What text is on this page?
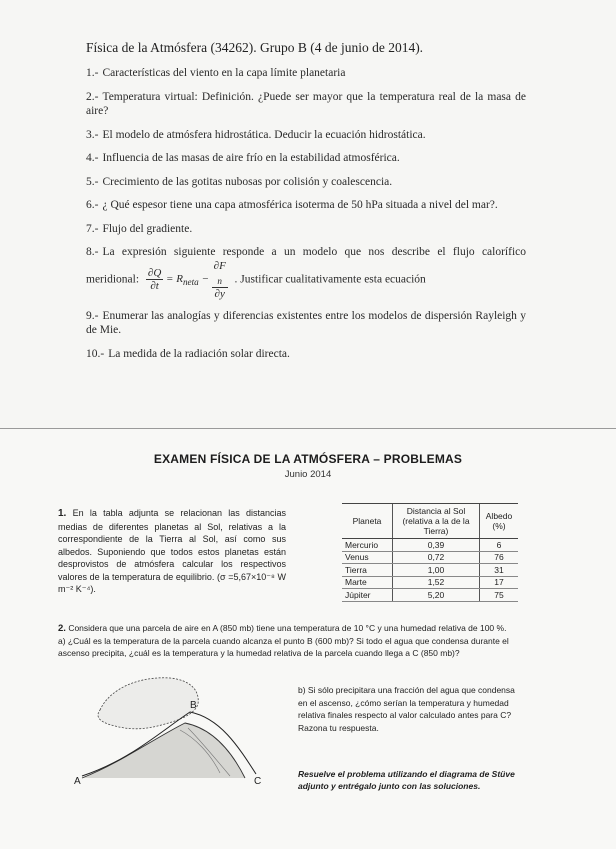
Física de la Atmósfera (34262). Grupo B (4 de junio de 2014).
1.- Características del viento en la capa límite planetaria
2.- Temperatura virtual: Definición. ¿Puede ser mayor que la temperatura real de la masa de aire?
3.- El modelo de atmósfera hidrostática. Deducir la ecuación hidrostática.
4.- Influencia de las masas de aire frío en la estabilidad atmosférica.
5.- Crecimiento de las gotitas nubosas por colisión y coalescencia.
6.- ¿ Qué espesor tiene una capa atmosférica isoterma de 50 hPa situada a nivel del mar?.
7.- Flujo del gradiente.
8.- La expresión siguiente responde a un modelo que nos describe el flujo calorífico meridional: $\frac{\partial Q}{\partial t} = R_{neta} - \partial F$
$_n$
∂y . Justificar cualitativamente esta ecuación
9.- Enumerar las analogías y diferencias existentes entre los modelos de dispersión Rayleigh y de Mie.
10.- La medida de la radiación solar directa.
EXAMEN FÍSICA DE LA ATMÓSFERA – PROBLEMAS
Junio 2014
1. En la tabla adjunta se relacionan las distancias medias de diferentes planetas al Sol, relativas a la correspondiente de la Tierra al Sol, así como sus albedos. Suponiendo que todos estos planetas están desprovistos de atmósfera calcular los respectivos valores de la temperatura de equilibrio. (σ =5,67×10⁻⁸ W m⁻² K⁻⁴).
Planeta	Distancia al Sol (relativa a la de la Tierra)	Albedo (%)
Mercurio	0,39	6
Venus	0,72	76
Tierra	1,00	31
Marte	1,52	17
Júpiter	5,20	75
2. Considera que una parcela de aire en A (850 mb) tiene una temperatura de 10 °C y una humedad relativa de 100 %.
a) ¿Cuál es la temperatura de la parcela cuando alcanza el punto B (600 mb)? Si todo el agua que condensa durante el ascenso precipita, ¿cuál es la temperatura y la humedad relativa de la parcela cuando llega a C (850 mb)?
b) Si sólo precipitara una fracción del agua que condensa en el ascenso, ¿cómo serían la temperatura y humedad relativa finales respecto al valor calculado antes para C? Razona tu respuesta.
Resuelve el problema utilizando el diagrama de Stüve adjunto y entrégalo junto con las soluciones.
A
B
C
